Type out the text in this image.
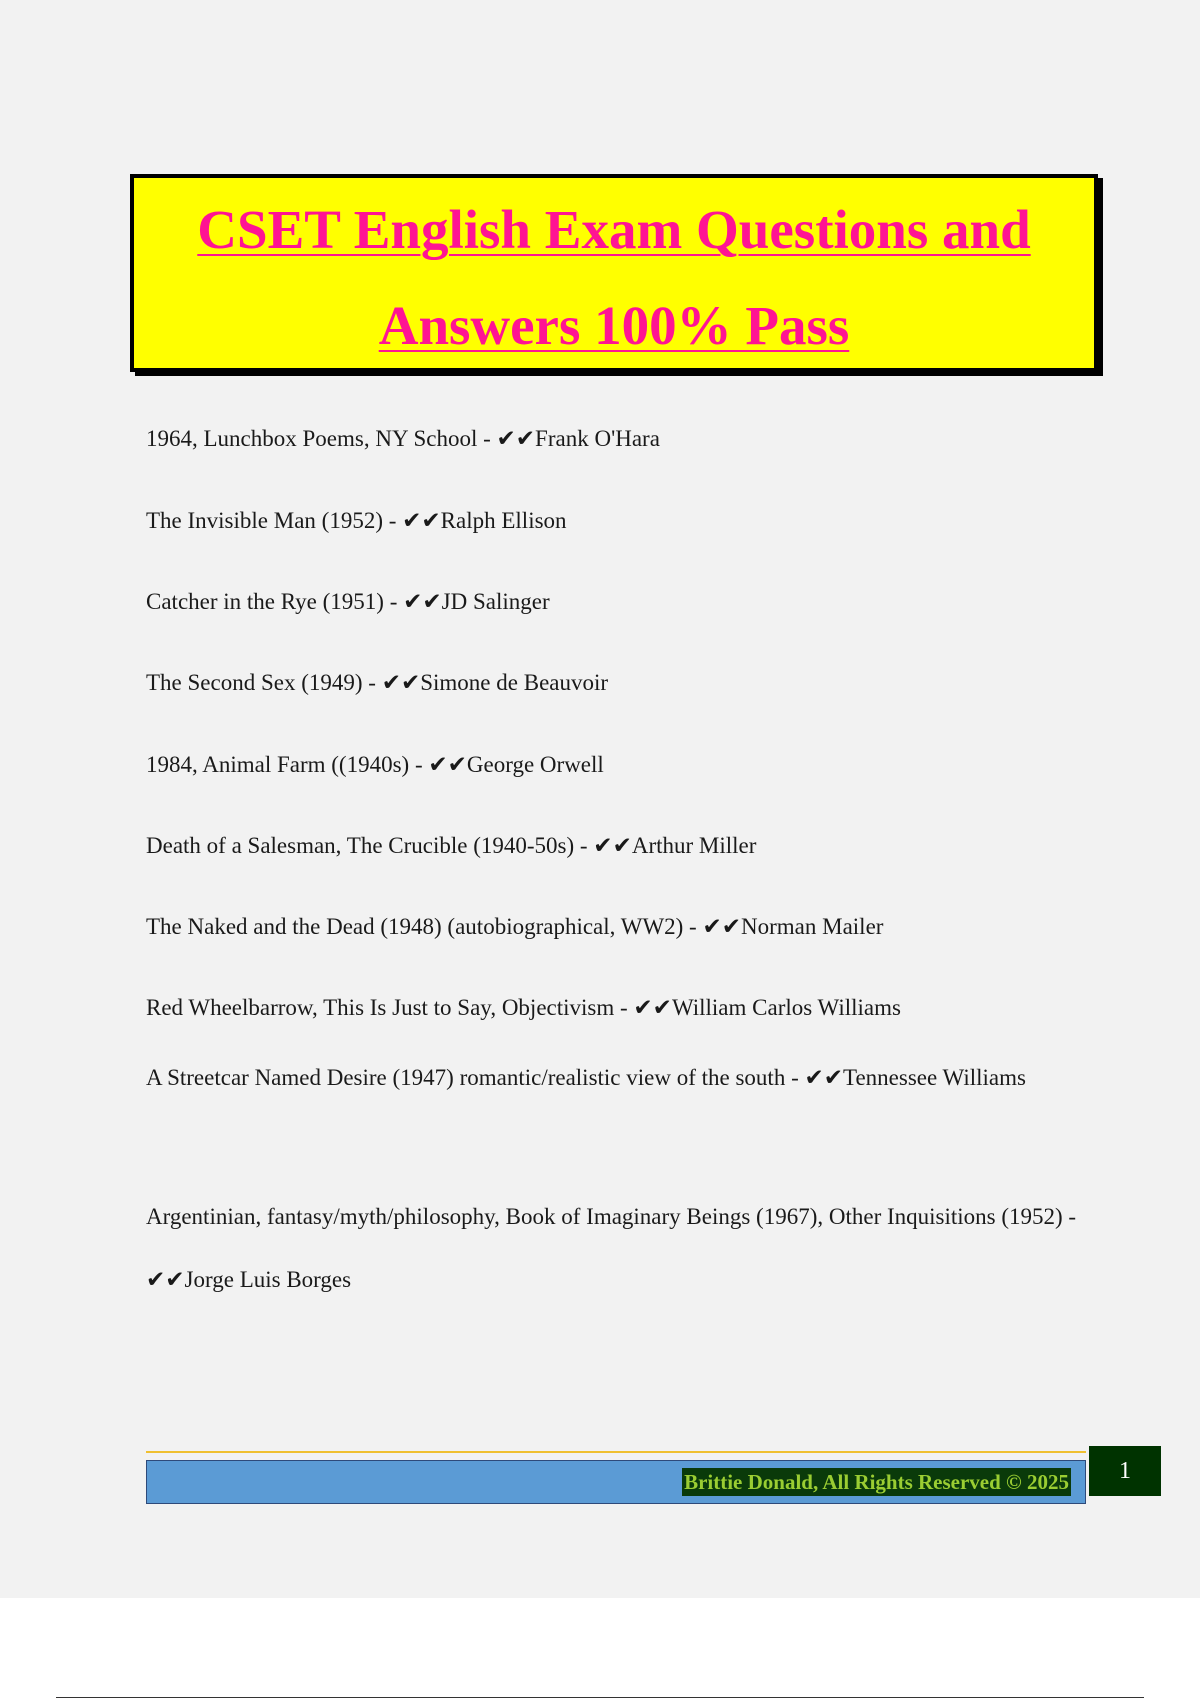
CSET English Exam Questions and
Answers 100% Pass
1964, Lunchbox Poems, NY School - ✔✔Frank O'Hara
The Invisible Man (1952) - ✔✔Ralph Ellison
Catcher in the Rye (1951) - ✔✔JD Salinger
The Second Sex (1949) - ✔✔Simone de Beauvoir
1984, Animal Farm ((1940s) - ✔✔George Orwell
Death of a Salesman, The Crucible (1940-50s) - ✔✔Arthur Miller
The Naked and the Dead (1948) (autobiographical, WW2) - ✔✔Norman Mailer
Red Wheelbarrow, This Is Just to Say, Objectivism - ✔✔William Carlos Williams
A Streetcar Named Desire (1947) romantic/realistic view of the south - ✔✔Tennessee Williams
Argentinian, fantasy/myth/philosophy, Book of Imaginary Beings (1967), Other Inquisitions (1952) - ✔✔Jorge Luis Borges
Brittie Donald, All Rights Reserved © 2025	1
